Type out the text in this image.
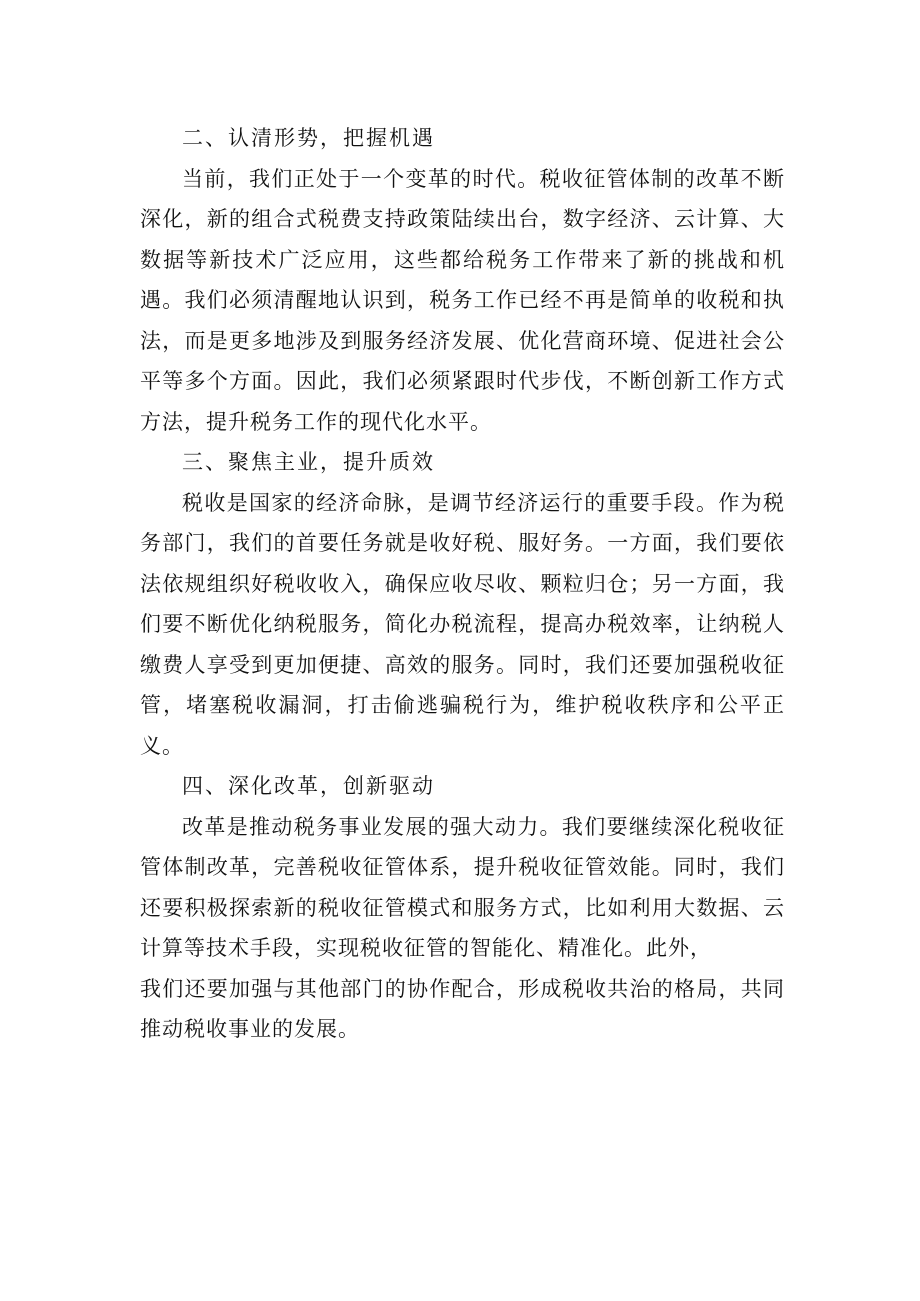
二、认清形势，把握机遇

当前，我们正处于一个变革的时代。税收征管体制的改革不断深化，新的组合式税费支持政策陆续出台，数字经济、云计算、大数据等新技术广泛应用，这些都给税务工作带来了新的挑战和机遇。我们必须清醒地认识到，税务工作已经不再是简单的收税和执法，而是更多地涉及到服务经济发展、优化营商环境、促进社会公平等多个方面。因此，我们必须紧跟时代步伐，不断创新工作方式方法，提升税务工作的现代化水平。

三、聚焦主业，提升质效

税收是国家的经济命脉，是调节经济运行的重要手段。作为税务部门，我们的首要任务就是收好税、服好务。一方面，我们要依法依规组织好税收收入，确保应收尽收、颗粒归仓；另一方面，我们要不断优化纳税服务，简化办税流程，提高办税效率，让纳税人缴费人享受到更加便捷、高效的服务。同时，我们还要加强税收征管，堵塞税收漏洞，打击偷逃骗税行为，维护税收秩序和公平正义。

四、深化改革，创新驱动

改革是推动税务事业发展的强大动力。我们要继续深化税收征管体制改革，完善税收征管体系，提升税收征管效能。同时，我们还要积极探索新的税收征管模式和服务方式，比如利用大数据、云计算等技术手段，实现税收征管的智能化、精准化。此外，

我们还要加强与其他部门的协作配合，形成税收共治的格局，共同推动税收事业的发展。
